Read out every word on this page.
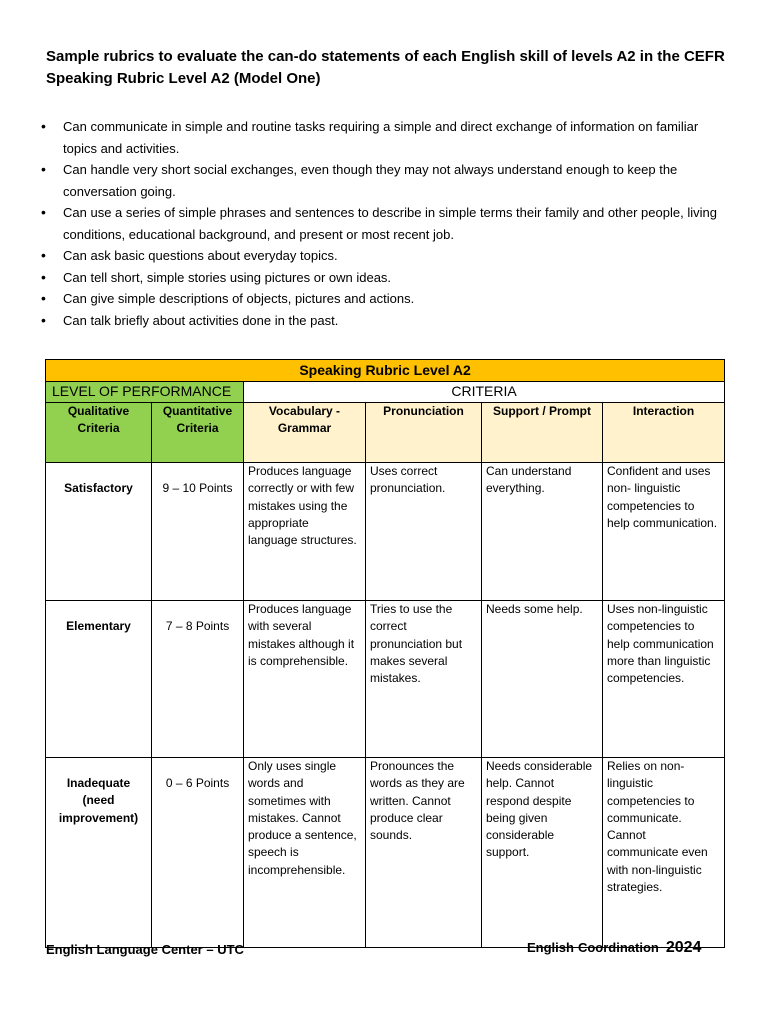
Sample rubrics to evaluate the can-do statements of each English skill of levels A2 in the CEFR
Speaking Rubric Level A2 (Model One)
• Can communicate in simple and routine tasks requiring a simple and direct exchange of information on familiar topics and activities.
• Can handle very short social exchanges, even though they may not always understand enough to keep the conversation going.
• Can use a series of simple phrases and sentences to describe in simple terms their family and other people, living conditions, educational background, and present or most recent job.
• Can ask basic questions about everyday topics.
• Can tell short, simple stories using pictures or own ideas.
• Can give simple descriptions of objects, pictures and actions.
• Can talk briefly about activities done in the past.
Speaking Rubric Level A2					
LEVEL OF PERFORMANCE		CRITERIA			
Qualitative Criteria	Quantitative Criteria	Vocabulary - Grammar	Pronunciation	Support / Prompt	Interaction
Satisfactory	9 – 10 Points	Produces language correctly or with few mistakes using the appropriate language structures.	Uses correct pronunciation.	Can understand everything.	Confident and uses non- linguistic competencies to help communication.
Elementary	7 – 8 Points	Produces language with several mistakes although it is comprehensible.	Tries to use the correct pronunciation but makes several mistakes.	Needs some help.	Uses non-linguistic competencies to help communication more than linguistic competencies.
Inadequate (need improvement)	0 – 6 Points	Only uses single words and sometimes with mistakes. Cannot produce a sentence, speech is incomprehensible.	Pronounces the words as they are written. Cannot produce clear sounds.	Needs considerable help. Cannot respond despite being given considerable support.	Relies on non-linguistic competencies to communicate. Cannot communicate even with non-linguistic strategies.
English Language Center – UTC	English Coordination 2024
